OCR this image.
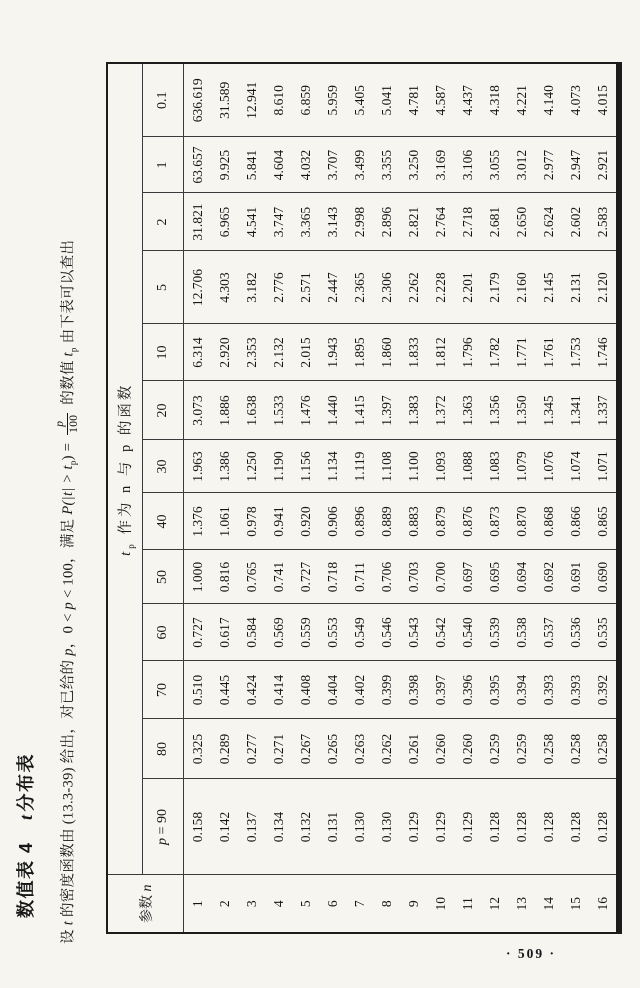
数值表 4 t分布表
设 t 的密度函数由 (13.3-39) 给出，对已给的 p，0 < p < 100，满足 $P(|t| > t_p)$ =
p 100
的数值 $t_p$ 由下表可以查出
参数 n	$t_p$ 作为 n 与 p 的函数												
	p = 90	80	70	60	50	40	30	20	10	5	2	1	0.1
1	0.158	0.325	0.510	0.727	1.000	1.376	1.963	3.073	6.314	12.706	31.821	63.657	636.619
2	0.142	0.289	0.445	0.617	0.816	1.061	1.386	1.886	2.920	4.303	6.965	9.925	31.589
3	0.137	0.277	0.424	0.584	0.765	0.978	1.250	1.638	2.353	3.182	4.541	5.841	12.941
4	0.134	0.271	0.414	0.569	0.741	0.941	1.190	1.533	2.132	2.776	3.747	4.604	8.610
5	0.132	0.267	0.408	0.559	0.727	0.920	1.156	1.476	2.015	2.571	3.365	4.032	6.859
6	0.131	0.265	0.404	0.553	0.718	0.906	1.134	1.440	1.943	2.447	3.143	3.707	5.959
7	0.130	0.263	0.402	0.549	0.711	0.896	1.119	1.415	1.895	2.365	2.998	3.499	5.405
8	0.130	0.262	0.399	0.546	0.706	0.889	1.108	1.397	1.860	2.306	2.896	3.355	5.041
9	0.129	0.261	0.398	0.543	0.703	0.883	1.100	1.383	1.833	2.262	2.821	3.250	4.781
10	0.129	0.260	0.397	0.542	0.700	0.879	1.093	1.372	1.812	2.228	2.764	3.169	4.587
11	0.129	0.260	0.396	0.540	0.697	0.876	1.088	1.363	1.796	2.201	2.718	3.106	4.437
12	0.128	0.259	0.395	0.539	0.695	0.873	1.083	1.356	1.782	2.179	2.681	3.055	4.318
13	0.128	0.259	0.394	0.538	0.694	0.870	1.079	1.350	1.771	2.160	2.650	3.012	4.221
14	0.128	0.258	0.393	0.537	0.692	0.868	1.076	1.345	1.761	2.145	2.624	2.977	4.140
15	0.128	0.258	0.393	0.536	0.691	0.866	1.074	1.341	1.753	2.131	2.602	2.947	4.073
16	0.128	0.258	0.392	0.535	0.690	0.865	1.071	1.337	1.746	2.120	2.583	2.921	4.015
· 509 ·
